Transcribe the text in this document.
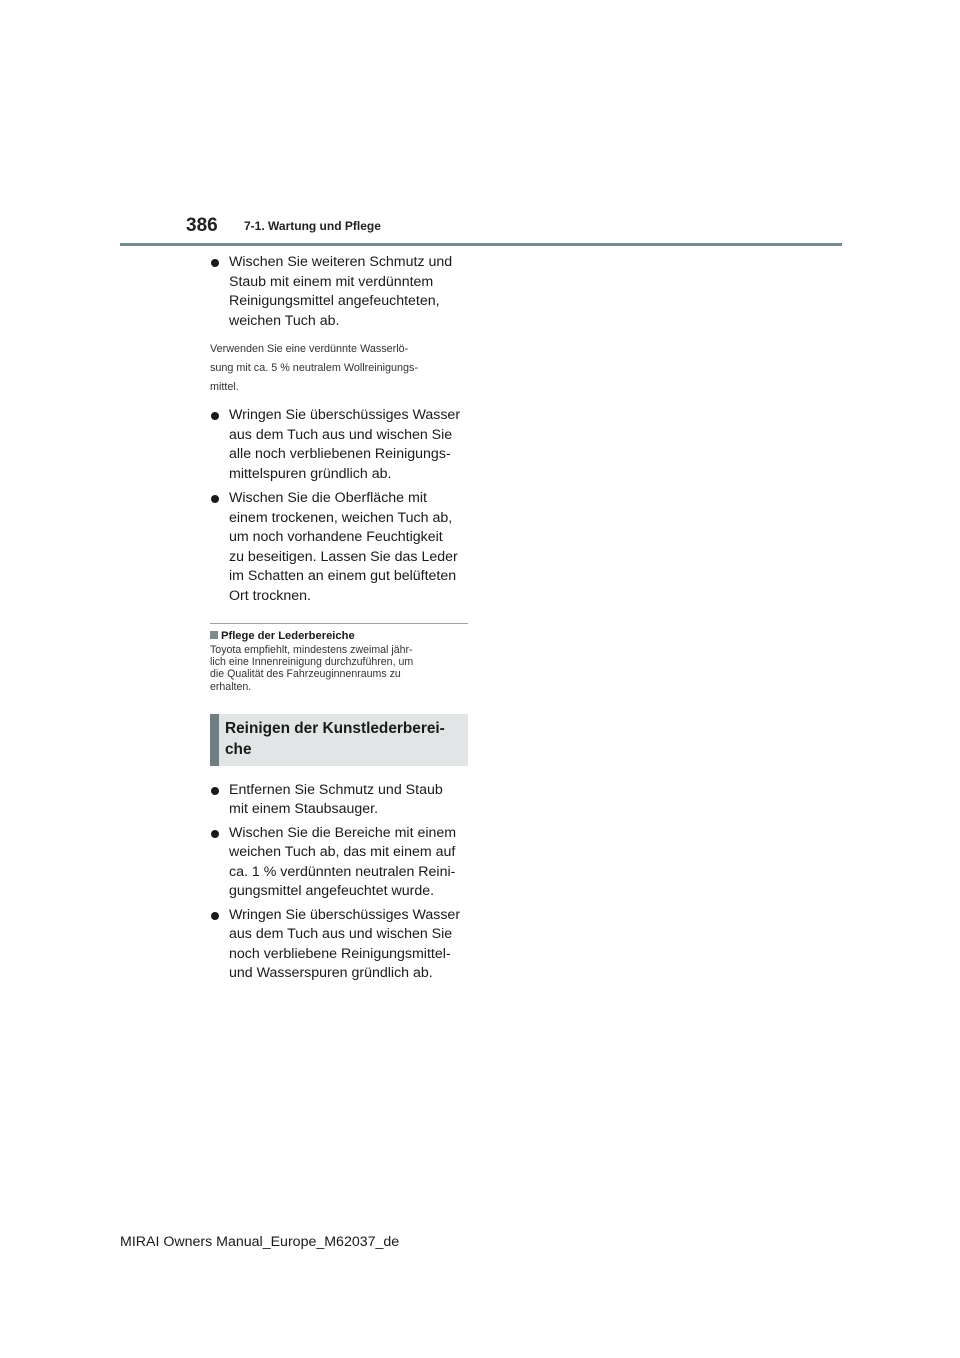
386 7-1. Wartung und Pflege
Wischen Sie weiteren Schmutz und
Staub mit einem mit verdünntem
Reinigungsmittel angefeuchteten,
weichen Tuch ab.
Verwenden Sie eine verdünnte Wasserlö-
sung mit ca. 5 % neutralem Wollreinigungs-
mittel.
Wringen Sie überschüssiges Wasser
aus dem Tuch aus und wischen Sie
alle noch verbliebenen Reinigungs-
mittelspuren gründlich ab.
Wischen Sie die Oberfläche mit
einem trockenen, weichen Tuch ab,
um noch vorhandene Feuchtigkeit
zu beseitigen. Lassen Sie das Leder
im Schatten an einem gut belüfteten
Ort trocknen.
Pflege der Lederbereiche
Toyota empfiehlt, mindestens zweimal jähr-
lich eine Innenreinigung durchzuführen, um
die Qualität des Fahrzeuginnenraums zu
erhalten.
Reinigen der Kunstlederberei-
che
Entfernen Sie Schmutz und Staub
mit einem Staubsauger.
Wischen Sie die Bereiche mit einem
weichen Tuch ab, das mit einem auf
ca. 1 % verdünnten neutralen Reini-
gungsmittel angefeuchtet wurde.
Wringen Sie überschüssiges Wasser
aus dem Tuch aus und wischen Sie
noch verbliebene Reinigungsmittel-
und Wasserspuren gründlich ab.
MIRAI Owners Manual_Europe_M62037_de
